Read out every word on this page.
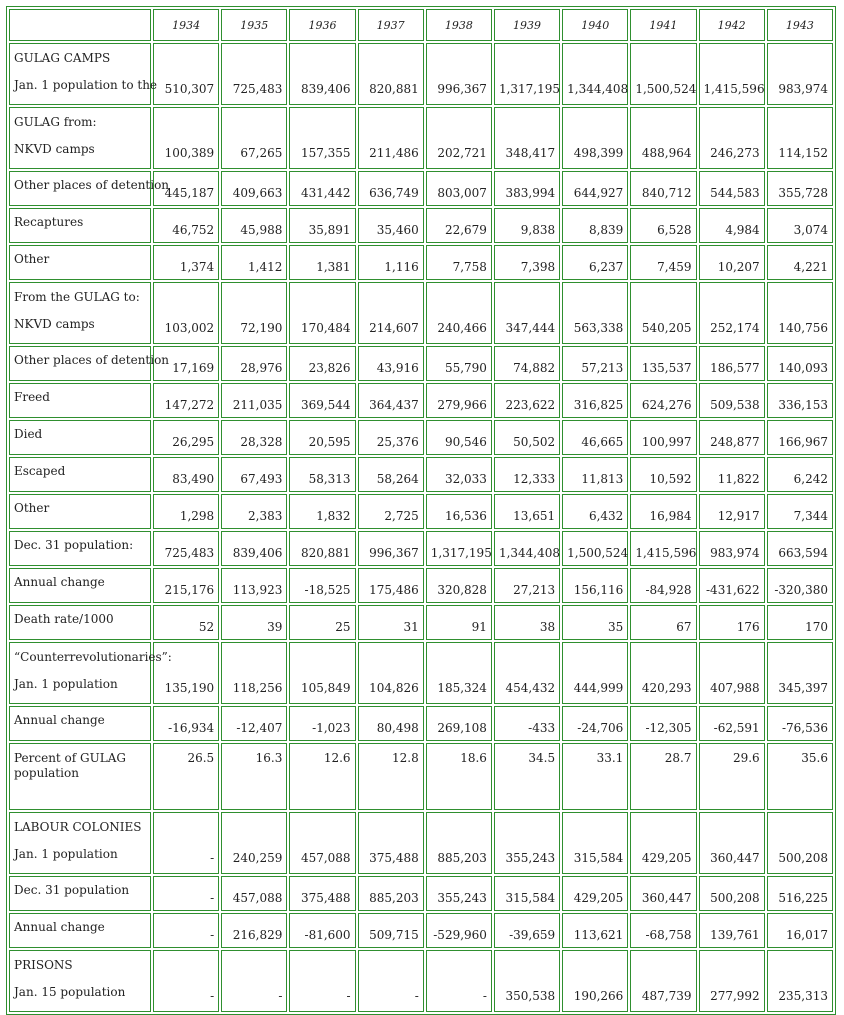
	1934	1935	1936	1937	1938	1939	1940	1941	1942	1943

GULAG CAMPS
Jan. 1 population to the	510,307	725,483	839,406	820,881	996,367	1,317,195	1,344,408	1,500,524	1,415,596	983,974

GULAG from:
NKVD camps	100,389	67,265	157,355	211,486	202,721	348,417	498,399	488,964	246,273	114,152

Other places of detention	445,187	409,663	431,442	636,749	803,007	383,994	644,927	840,712	544,583	355,728

Recaptures	46,752	45,988	35,891	35,460	22,679	9,838	8,839	6,528	4,984	3,074

Other	1,374	1,412	1,381	1,116	7,758	7,398	6,237	7,459	10,207	4,221

From the GULAG to:
NKVD camps	103,002	72,190	170,484	214,607	240,466	347,444	563,338	540,205	252,174	140,756

Other places of detention	17,169	28,976	23,826	43,916	55,790	74,882	57,213	135,537	186,577	140,093

Freed	147,272	211,035	369,544	364,437	279,966	223,622	316,825	624,276	509,538	336,153

Died	26,295	28,328	20,595	25,376	90,546	50,502	46,665	100,997	248,877	166,967

Escaped	83,490	67,493	58,313	58,264	32,033	12,333	11,813	10,592	11,822	6,242

Other	1,298	2,383	1,832	2,725	16,536	13,651	6,432	16,984	12,917	7,344

Dec. 31 population:	725,483	839,406	820,881	996,367	1,317,195	1,344,408	1,500,524	1,415,596	983,974	663,594

Annual change	215,176	113,923	-18,525	175,486	320,828	27,213	156,116	-84,928	-431,622	-320,380

Death rate/1000	52	39	25	31	91	38	35	67	176	170

“Counterrevolutionaries”:
Jan. 1 population	135,190	118,256	105,849	104,826	185,324	454,432	444,999	420,293	407,988	345,397

Annual change	-16,934	-12,407	-1,023	80,498	269,108	-433	-24,706	-12,305	-62,591	-76,536

Percent of GULAG population	26.5	16.3	12.6	12.8	18.6	34.5	33.1	28.7	29.6	35.6

LABOUR COLONIES
Jan. 1 population	-	240,259	457,088	375,488	885,203	355,243	315,584	429,205	360,447	500,208

Dec. 31 population	-	457,088	375,488	885,203	355,243	315,584	429,205	360,447	500,208	516,225

Annual change	-	216,829	-81,600	509,715	-529,960	-39,659	113,621	-68,758	139,761	16,017

PRISONS
Jan. 15 population	-	-	-	-	-	350,538	190,266	487,739	277,992	235,313
